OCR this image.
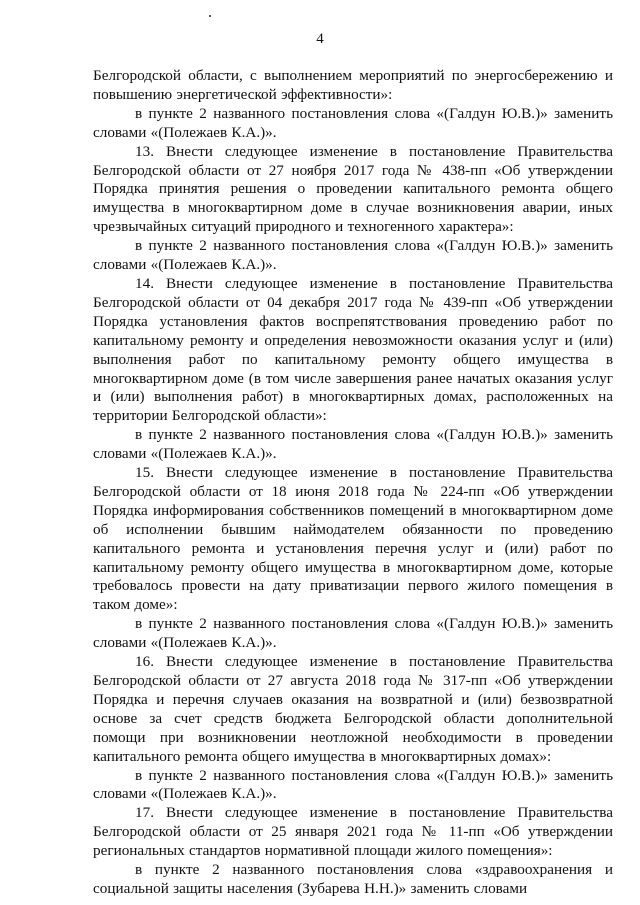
4

Белгородской области, с выполнением мероприятий по энергосбережению и повышению энергетической эффективности»:

в пункте 2 названного постановления слова «(Галдун Ю.В.)» заменить словами «(Полежаев К.А.)».

13. Внести следующее изменение в постановление Правительства Белгородской области от 27 ноября 2017 года № 438-пп «Об утверждении Порядка принятия решения о проведении капитального ремонта общего имущества в многоквартирном доме в случае возникновения аварии, иных чрезвычайных ситуаций природного и техногенного характера»:

в пункте 2 названного постановления слова «(Галдун Ю.В.)» заменить словами «(Полежаев К.А.)».

14. Внести следующее изменение в постановление Правительства Белгородской области от 04 декабря 2017 года № 439-пп «Об утверждении Порядка установления фактов воспрепятствования проведению работ по капитальному ремонту и определения невозможности оказания услуг и (или) выполнения работ по капитальному ремонту общего имущества в многоквартирном доме (в том числе завершения ранее начатых оказания услуг и (или) выполнения работ) в многоквартирных домах, расположенных на территории Белгородской области»:

в пункте 2 названного постановления слова «(Галдун Ю.В.)» заменить словами «(Полежаев К.А.)».

15. Внести следующее изменение в постановление Правительства Белгородской области от 18 июня 2018 года № 224-пп «Об утверждении Порядка информирования собственников помещений в многоквартирном доме об исполнении бывшим наймодателем обязанности по проведению капитального ремонта и установления перечня услуг и (или) работ по капитальному ремонту общего имущества в многоквартирном доме, которые требовалось провести на дату приватизации первого жилого помещения в таком доме»:

в пункте 2 названного постановления слова «(Галдун Ю.В.)» заменить словами «(Полежаев К.А.)».

16. Внести следующее изменение в постановление Правительства Белгородской области от 27 августа 2018 года № 317-пп «Об утверждении Порядка и перечня случаев оказания на возвратной и (или) безвозвратной основе за счет средств бюджета Белгородской области дополнительной помощи при возникновении неотложной необходимости в проведении капитального ремонта общего имущества в многоквартирных домах»:

в пункте 2 названного постановления слова «(Галдун Ю.В.)» заменить словами «(Полежаев К.А.)».

17. Внести следующее изменение в постановление Правительства Белгородской области от 25 января 2021 года № 11-пп «Об утверждении региональных стандартов нормативной площади жилого помещения»:

в пункте 2 названного постановления слова «здравоохранения и социальной защиты населения (Зубарева Н.Н.)» заменить словами
